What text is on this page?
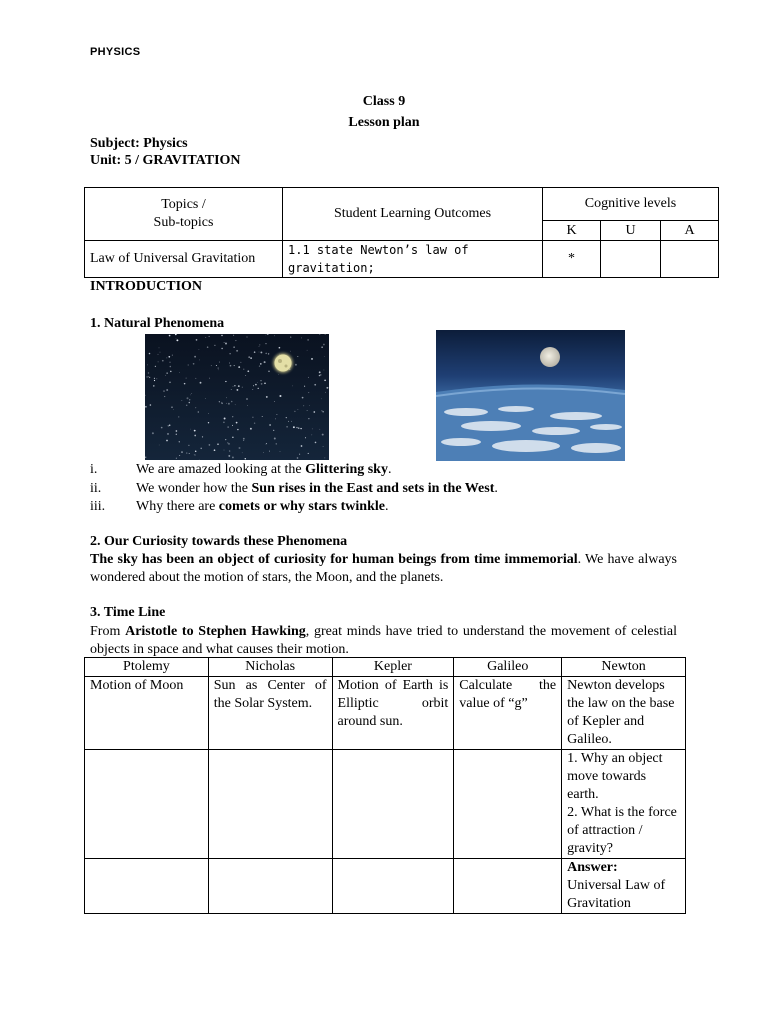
PHYSICS
Class 9
Lesson plan
Subject: Physics
Unit: 5 / GRAVITATION
Topics /
Sub-topics	Student Learning Outcomes	Cognitive levels		
		K	U	A
Law of Universal Gravitation	1.1 state Newton’s law of gravitation;	*		
INTRODUCTION
1. Natural Phenomena
i.	We are amazed looking at the Glittering sky.
ii. We wonder how the Sun rises in the East and sets in the West.
iii. Why there are comets or why stars twinkle.
2. Our Curiosity towards these Phenomena
The sky has been an object of curiosity for human beings from time immemorial. We have always wondered about the motion of stars, the Moon, and the planets.
3. Time Line
From Aristotle to Stephen Hawking, great minds have tried to understand the movement of celestial objects in space and what causes their motion.
Ptolemy	Nicholas	Kepler	Galileo	Newton
Motion of Moon	Sun as Center of the Solar System.	Motion of Earth is Elliptic orbit around sun.	Calculate the value of “g”	Newton develops the law on the base of Kepler and Galileo.

				1. Why an object move towards earth.
2. What is the force of attraction / gravity?

				Answer:
Universal Law of Gravitation
